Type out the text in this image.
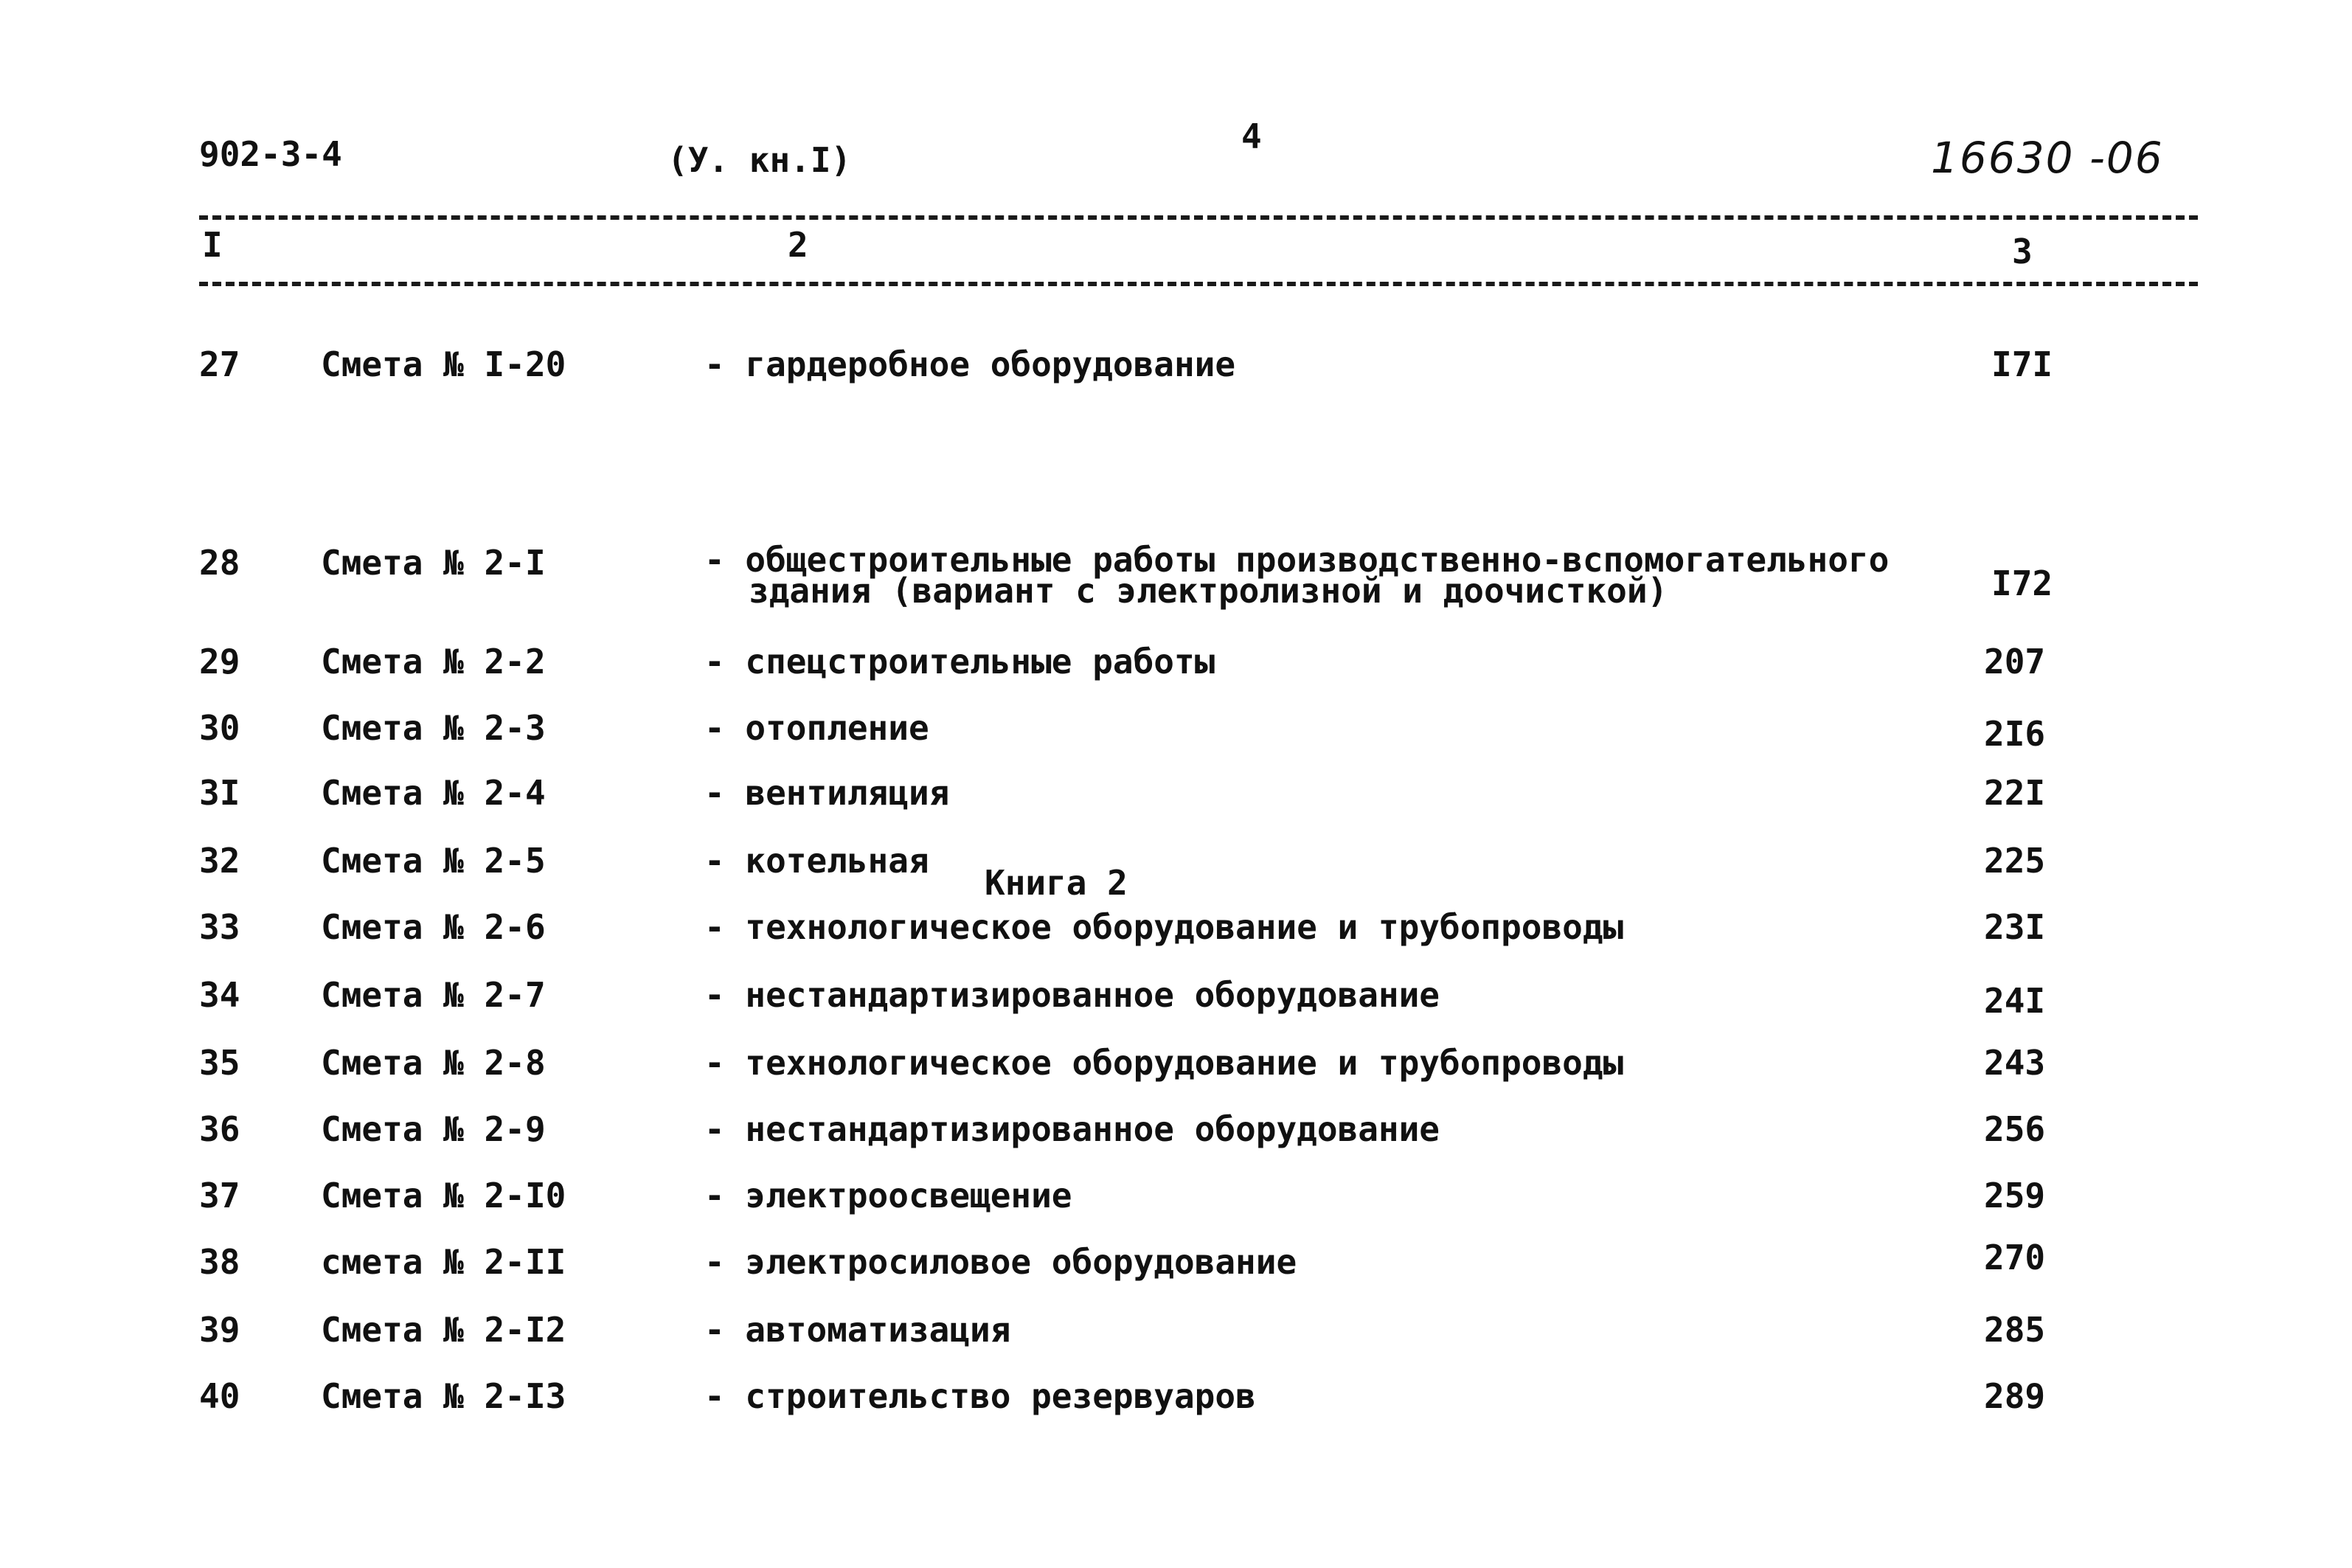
902-3-4	(У. кн.I)
4	16630 -06
I	2	3
27 Смета № I-20	- гардеробное оборудование	I7I
28 Смета № 2-I	- общестроительные работы производственно-вспомогательного
здания (вариант с электролизной и доочисткой)	I72
29 Смета № 2-2	- спецстроительные работы	207
30 Смета № 2-3	- отопление	2I6
3I Смета № 2-4	- вентиляция	22I
32 Смета № 2-5	- котельная	225
Книга 2
33 Смета № 2-6	- технологическое оборудование и трубопроводы	23I
34 Смета № 2-7	- нестандартизированное оборудование	24I
35 Смета № 2-8	- технологическое оборудование и трубопроводы	243
36 Смета № 2-9	- нестандартизированное оборудование	256
37 Смета № 2-I0	- электроосвещение	259
38 смета № 2-II	- электросиловое оборудование	270
39 Смета № 2-I2	- автоматизация	285
40 Смета № 2-I3	- строительство резервуаров	289
